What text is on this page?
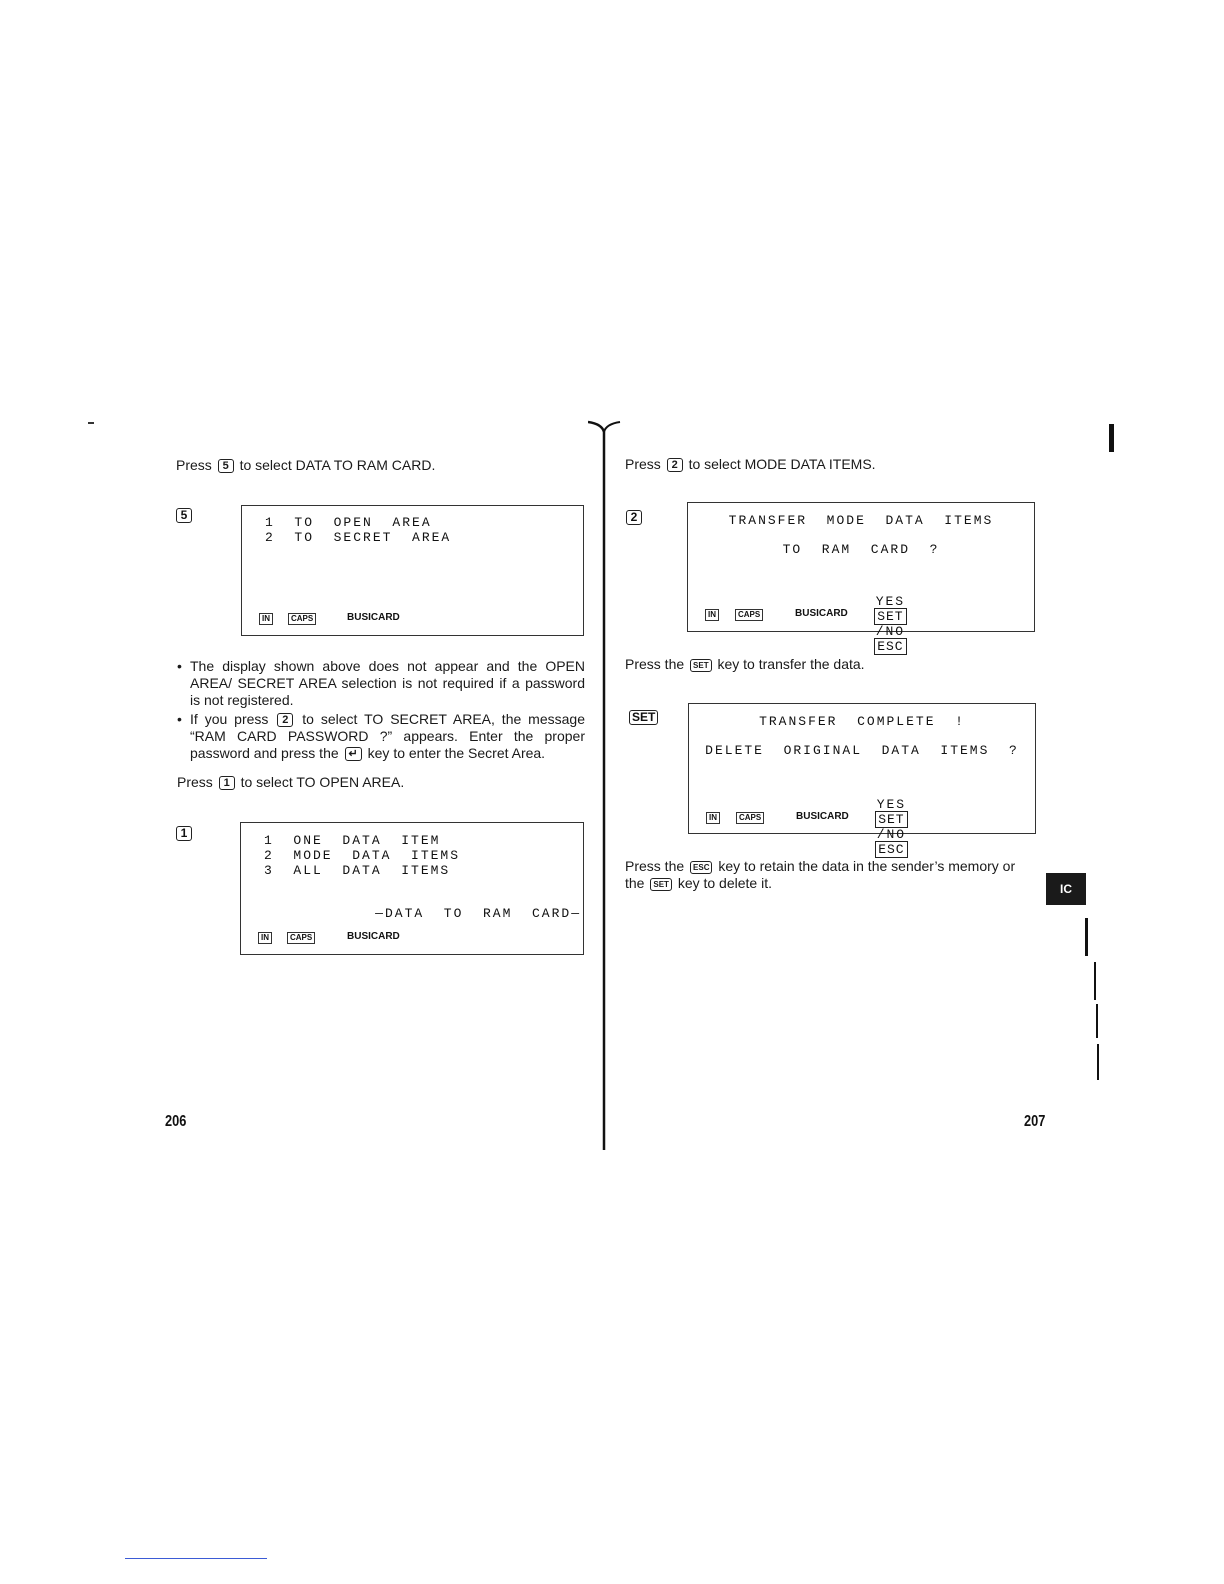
Press 5 to select DATA TO RAM CARD.
5	1  TO  OPEN  AREA
2  TO  SECRET  AREA
IN	CAPS	BUSICARD
• The display shown above does not appear and the OPEN AREA/ SECRET AREA selection is not required if a password is not registered.
• If you press 2 to select TO SECRET AREA, the message “RAM CARD PASSWORD ?” appears. Enter the proper password and press the ↵ key to enter the Secret Area.
Press 1 to select TO OPEN AREA.
1	1  ONE  DATA  ITEM
2  MODE  DATA  ITEMS
3  ALL  DATA  ITEMS
—DATA  TO  RAM  CARD—
IN	CAPS	BUSICARD
206
Press 2 to select MODE DATA ITEMS.
2	TRANSFER  MODE  DATA  ITEMS
TO  RAM  CARD  ?

YES
SET
/NO
ESC

IN	CAPS	BUSICARD
Press the SET key to transfer the data.
SET	TRANSFER  COMPLETE  !
DELETE  ORIGINAL  DATA  ITEMS  ?

YES
SET
/NO
ESC

IN	CAPS	BUSICARD
Press the ESC key to retain the data in the sender’s memory or the SET key to delete it.	IC
207
